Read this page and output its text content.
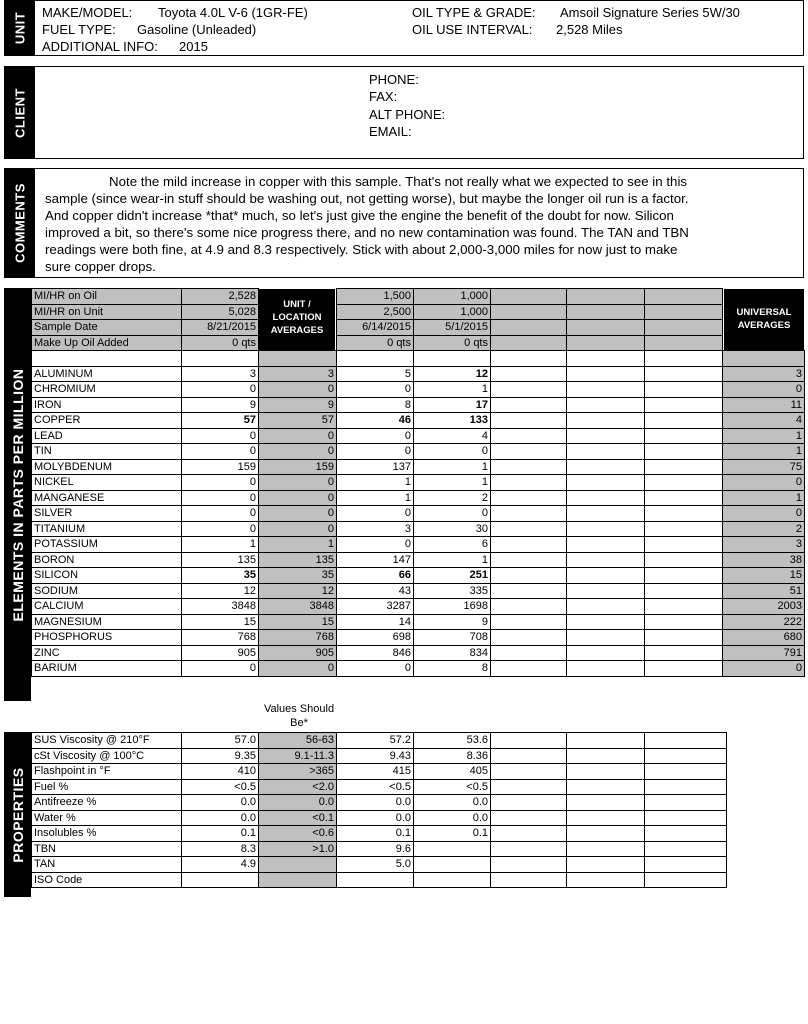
UNIT MAKE/MODEL: Toyota 4.0L V-6 (1GR-FE)
FUEL TYPE: Gasoline (Unleaded)
ADDITIONAL INFO: 2015
OIL TYPE & GRADE: Amsoil Signature Series 5W/30
OIL USE INTERVAL: 2,528 Miles
CLIENT
PHONE:
FAX:
ALT PHONE:
EMAIL:
COMMENTS
Note the mild increase in copper with this sample. That's not really what we expected to see in this sample (since wear-in stuff should be washing out, not getting worse), but maybe the longer oil run is a factor. And copper didn't increase *that* much, so let's just give the engine the benefit of the doubt for now. Silicon improved a bit, so there's some nice progress there, and no new contamination was found. The TAN and TBN readings were both fine, at 4.9 and 8.3 respectively. Stick with about 2,000-3,000 miles for now just to make sure copper drops.
ELEMENTS IN PARTS PER MILLION
MI/HR on Oil	2,528		1,500	1,000				
MI/HR on Unit	5,028		2,500	1,000				
Sample Date	8/21/2015		6/14/2015	5/1/2015				
Make Up Oil Added	0 qts		0 qts	0 qts				

ALUMINUM	3	3	5	12				3
CHROMIUM	0	0	0	1				0
IRON	9	9	8	17				11
COPPER	57	57	46	133				4
LEAD	0	0	0	4				1
TIN	0	0	0	0				1
MOLYBDENUM	159	159	137	1				75
NICKEL	0	0	1	1				0
MANGANESE	0	0	1	2				1
SILVER	0	0	0	0				0
TITANIUM	0	0	3	30				2
POTASSIUM	1	1	0	6				3
BORON	135	135	147	1				38
SILICON	35	35	66	251				15
SODIUM	12	12	43	335				51
CALCIUM	3848	3848	3287	1698				2003
MAGNESIUM	15	15	14	9				222
PHOSPHORUS	768	768	698	708				680
ZINC	905	905	846	834				791
BARIUM	0	0	0	8				0
UNIT / LOCATION AVERAGES
UNIVERSAL AVERAGES
Values Should Be*
PROPERTIES
SUS Viscosity @ 210°F	57.0	56-63	57.2	53.6			
cSt Viscosity @ 100°C	9.35	9.1-11.3	9.43	8.36			
Flashpoint in °F	410	>365	415	405			
Fuel %	<0.5	<2.0	<0.5	<0.5			
Antifreeze %	0.0	0.0	0.0	0.0			
Water %	0.0	<0.1	0.0	0.0			
Insolubles %	0.1	<0.6	0.1	0.1			
TBN	8.3	>1.0	9.6				
TAN	4.9		5.0				
ISO Code							
